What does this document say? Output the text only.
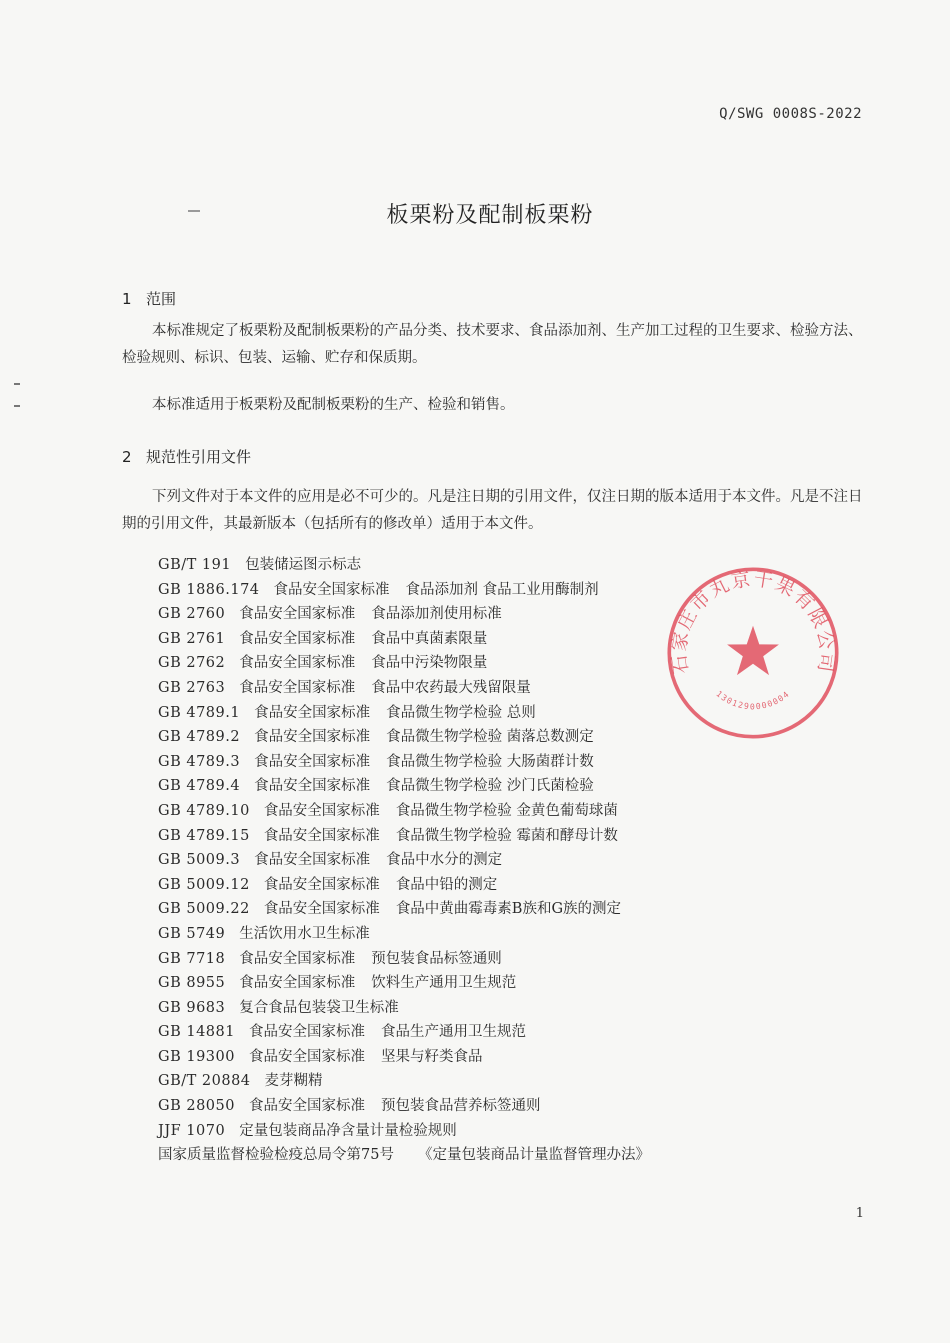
Q/SWG 0008S-2022
板栗粉及配制板栗粉
1 范围
本标准规定了板栗粉及配制板栗粉的产品分类、技术要求、食品添加剂、生产加工过程的卫生要求、检验方法、检验规则、标识、包装、运输、贮存和保质期。
本标准适用于板栗粉及配制板栗粉的生产、检验和销售。
2 规范性引用文件
下列文件对于本文件的应用是必不可少的。凡是注日期的引用文件，仅注日期的版本适用于本文件。凡是不注日期的引用文件，其最新版本（包括所有的修改单）适用于本文件。
GB/T 191 包装储运图示标志
GB 1886.174 食品安全国家标准 食品添加剂 食品工业用酶制剂
GB 2760 食品安全国家标准 食品添加剂使用标准
GB 2761 食品安全国家标准 食品中真菌素限量
GB 2762 食品安全国家标准 食品中污染物限量
GB 2763 食品安全国家标准 食品中农药最大残留限量
GB 4789.1 食品安全国家标准 食品微生物学检验 总则
GB 4789.2 食品安全国家标准 食品微生物学检验 菌落总数测定
GB 4789.3 食品安全国家标准 食品微生物学检验 大肠菌群计数
GB 4789.4 食品安全国家标准 食品微生物学检验 沙门氏菌检验
GB 4789.10 食品安全国家标准 食品微生物学检验 金黄色葡萄球菌
GB 4789.15 食品安全国家标准 食品微生物学检验 霉菌和酵母计数
GB 5009.3 食品安全国家标准 食品中水分的测定
GB 5009.12 食品安全国家标准 食品中铅的测定
GB 5009.22 食品安全国家标准 食品中黄曲霉毒素B族和G族的测定
GB 5749 生活饮用水卫生标准
GB 7718 食品安全国家标准 预包装食品标签通则
GB 8955 食品安全国家标准 饮料生产通用卫生规范
GB 9683 复合食品包装袋卫生标准
GB 14881 食品安全国家标准 食品生产通用卫生规范
GB 19300 食品安全国家标准 坚果与籽类食品
GB/T 20884 麦芽糊精
GB 28050 食品安全国家标准 预包装食品营养标签通则
JJF 1070 定量包装商品净含量计量检验规则
国家质量监督检验检疫总局令第75号 《定量包装商品计量监督管理办法》
石家庄市丸京干果有限公司
1301290000004
1
